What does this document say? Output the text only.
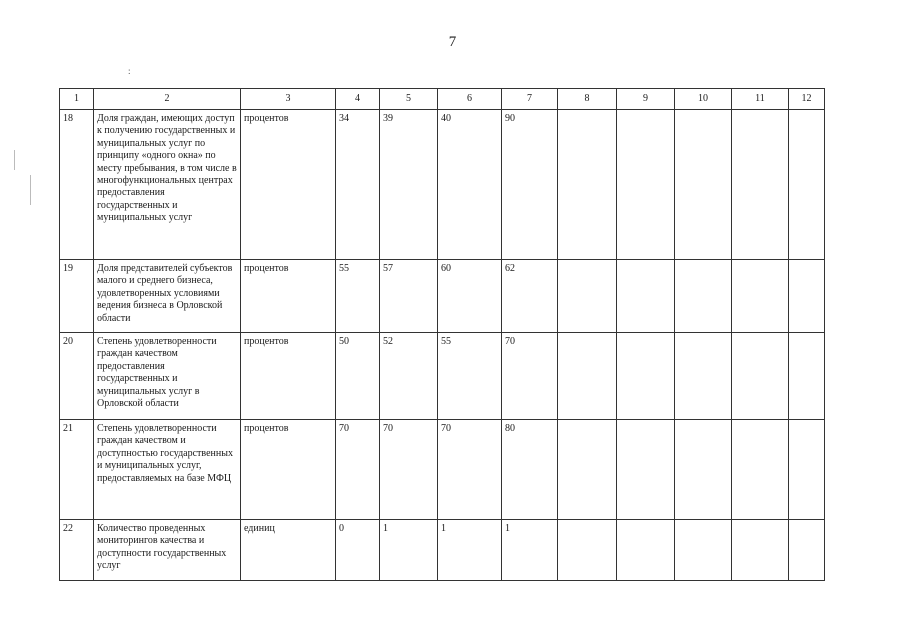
7
:
1	2	3	4	5	6	7	8	9	10	11	12
18	Доля граждан, имеющих доступ к получению государственных и муниципальных услуг по принципу «одного окна» по месту пребывания, в том числе в многофункциональных центрах предоставления государственных и муниципальных услуг	процентов	34	39	40	90					
19	Доля представителей субъектов малого и среднего бизнеса, удовлетворенных условиями ведения бизнеса в Орловской области	процентов	55	57	60	62					
20	Степень удовлетворенности граждан качеством предоставления государственных и муниципальных услуг в Орловской области	процентов	50	52	55	70					
21	Степень удовлетворенности граждан качеством и доступностью государственных и муниципальных услуг, предоставляемых на базе МФЦ	процентов	70	70	70	80					
22	Количество проведенных мониторингов качества и доступности государственных услуг	единиц	0	1	1	1					
